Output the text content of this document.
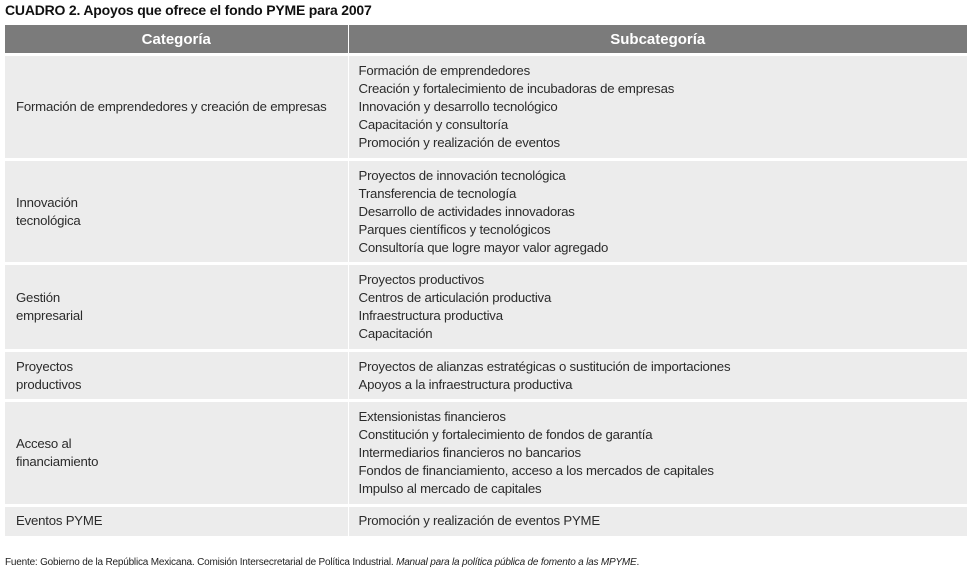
CUADRO 2. Apoyos que ofrece el fondo PYME para 2007
Categoría	Subcategoría

Formación de emprendedores y creación de empresas	Formación de emprendedores
Creación y fortalecimiento de incubadoras de empresas
Innovación y desarrollo tecnológico
Capacitación y consultoría
Promoción y realización de eventos

Innovación
tecnológica	Proyectos de innovación tecnológica
Transferencia de tecnología
Desarrollo de actividades innovadoras
Parques científicos y tecnológicos
Consultoría que logre mayor valor agregado

Gestión
empresarial	Proyectos productivos
Centros de articulación productiva
Infraestructura productiva
Capacitación

Proyectos
productivos	Proyectos de alianzas estratégicas o sustitución de importaciones
Apoyos a la infraestructura productiva

Acceso al
financiamiento	Extensionistas financieros
Constitución y fortalecimiento de fondos de garantía
Intermediarios financieros no bancarios
Fondos de financiamiento, acceso a los mercados de capitales
Impulso al mercado de capitales

Eventos PYME	Promoción y realización de eventos PYME
Fuente: Gobierno de la República Mexicana. Comisión Intersecretarial de Política Industrial. Manual para la política pública de fomento a las MPYME.
